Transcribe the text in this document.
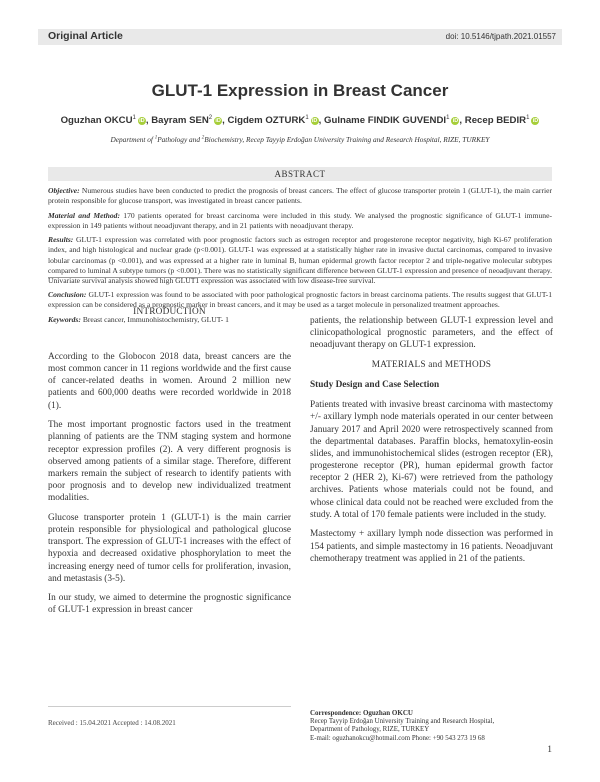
Original Article	doi: 10.5146/tjpath.2021.01557
GLUT-1 Expression in Breast Cancer
Oguzhan OKCU$^1$iD, Bayram SEN$^2$iD, Cigdem OZTURK$^1$iD, Gulname FINDIK GUVENDI$^1$iD, Recep BEDIR$^1$iD
Department of $^1$Pathology and $^2$Biochemistry, Recep Tayyip Erdoğan University Training and Research Hospital, RIZE, TURKEY
ABSTRACT

Objective: Numerous studies have been conducted to predict the prognosis of breast cancers. The effect of glucose transporter protein 1 (GLUT-1), the main carrier protein responsible for glucose transport, was investigated in breast cancer patients.

Material and Method: 170 patients operated for breast carcinoma were included in this study. We analysed the prognostic significance of GLUT-1 immune-expression in 149 patients without neoadjuvant therapy, and in 21 patients with neoadjuvant therapy.

Results: GLUT-1 expression was correlated with poor prognostic factors such as estrogen receptor and progesterone receptor negativity, high Ki-67 proliferation index, and high histological and nuclear grade (p<0.001). GLUT-1 was expressed at a statistically higher rate in invasive ductal carcinomas, compared to invasive lobular carcinomas (p <0.001), and was expressed at a higher rate in luminal B, human epidermal growth factor receptor 2 and triple-negative molecular subtypes compared to luminal A subtype tumors (p <0.001). There was no statistically significant difference between GLUT-1 expression and presence of neoadjuvant therapy. Univariate survival analysis showed high GLUT1 expression was associated with low disease-free survival.

Conclusion: GLUT-1 expression was found to be associated with poor pathological prognostic factors in breast carcinoma patients. The results suggest that GLUT-1 expression can be considered as a prognostic marker in breast cancers, and it may be used as a target molecule in personalized treatment approaches.

Keywords: Breast cancer, Immunohistochemistry, GLUT- 1

INTRODUCTION

According to the Globocon 2018 data, breast cancers are the most common cancer in 11 regions worldwide and the first cause of cancer-related deaths in women. Around 2 million new patients and 600,000 deaths were recorded worldwide in 2018 (1).

The most important prognostic factors used in the treatment planning of patients are the TNM staging system and hormone receptor expression profiles (2). A very different prognosis is observed among patients of a similar stage. Therefore, different markers remain the subject of research to identify patients with poor prognosis and to develop new individualized treatment modalities.

Glucose transporter protein 1 (GLUT-1) is the main carrier protein responsible for physiological and pathological glucose transport. The expression of GLUT-1 increases with the effect of hypoxia and decreased oxidative phosphorylation to meet the increasing energy need of tumor cells for proliferation, invasion, and metastasis (3-5).

In our study, we aimed to determine the prognostic significance of GLUT-1 expression in breast cancer

patients, the relationship between GLUT-1 expression level and clinicopathological prognostic parameters, and the effect of neoadjuvant therapy on GLUT-1 expression.

MATERIALS and METHODS
Study Design and Case Selection

Patients treated with invasive breast carcinoma with mastectomy +/- axillary lymph node materials operated in our center between January 2017 and April 2020 were retrospectively scanned from the departmental databases. Paraffin blocks, hematoxylin-eosin slides, and immunohistochemical slides (estrogen receptor (ER), progesterone receptor (PR), human epidermal growth factor receptor 2 (HER 2), Ki-67) were retrieved from the pathology archives. Patients whose materials could not be found, and whose clinical data could not be reached were excluded from the study. A total of 170 female patients were included in the study.

Mastectomy + axillary lymph node dissection was performed in 154 patients, and simple mastectomy in 16 patients. Neoadjuvant chemotherapy treatment was applied in 21 of the patients.

Received : 15.04.2021 Accepted : 14.08.2021
Correspondence: Oguzhan OKCU
Recep Tayyip Erdoğan University Training and Research Hospital,
Department of Pathology, RIZE, TURKEY
E-mail: oguzhanokcu@hotmail.com Phone: +90 543 273 19 68
1
